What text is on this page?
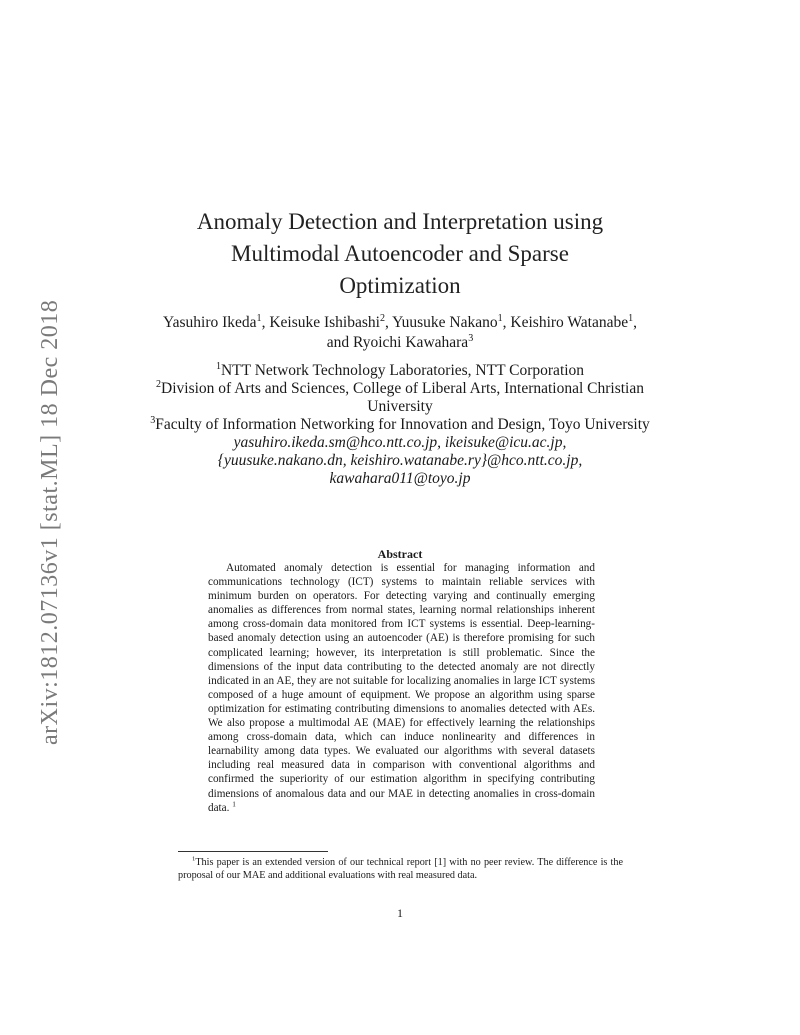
arXiv:1812.07136v1 [stat.ML] 18 Dec 2018
Anomaly Detection and Interpretation using
Multimodal Autoencoder and Sparse
Optimization
Yasuhiro Ikeda$^1$, Keisuke Ishibashi$^2$, Yuusuke Nakano$^1$, Keishiro Watanabe$^1$, and Ryoichi Kawahara$^3$
$^1$NTT Network Technology Laboratories, NTT Corporation
$^2$Division of Arts and Sciences, College of Liberal Arts, International Christian University
$^3$Faculty of Information Networking for Innovation and Design, Toyo University
yasuhiro.ikeda.sm@hco.ntt.co.jp, ikeisuke@icu.ac.jp,
{yuusuke.nakano.dn, keishiro.watanabe.ry}@hco.ntt.co.jp,
kawahara011@toyo.jp
Abstract
Automated anomaly detection is essential for managing information and communications technology (ICT) systems to maintain reliable services with minimum burden on operators. For detecting varying and continually emerging anomalies as differences from normal states, learning normal relationships inherent among cross-domain data monitored from ICT systems is essential. Deep-learning-based anomaly detection using an autoencoder (AE) is therefore promising for such complicated learning; however, its interpretation is still problematic. Since the dimensions of the input data contributing to the detected anomaly are not directly indicated in an AE, they are not suitable for localizing anomalies in large ICT systems composed of a huge amount of equipment. We propose an algorithm using sparse optimization for estimating contributing dimensions to anomalies detected with AEs. We also propose a multimodal AE (MAE) for effectively learning the relationships among cross-domain data, which can induce nonlinearity and differences in learnability among data types. We evaluated our algorithms with several datasets including real measured data in comparison with conventional algorithms and confirmed the superiority of our estimation algorithm in specifying contributing dimensions of anomalous data and our MAE in detecting anomalies in cross-domain data. $^1$
$^1$This paper is an extended version of our technical report [1] with no peer review. The difference is the proposal of our MAE and additional evaluations with real measured data.
1
